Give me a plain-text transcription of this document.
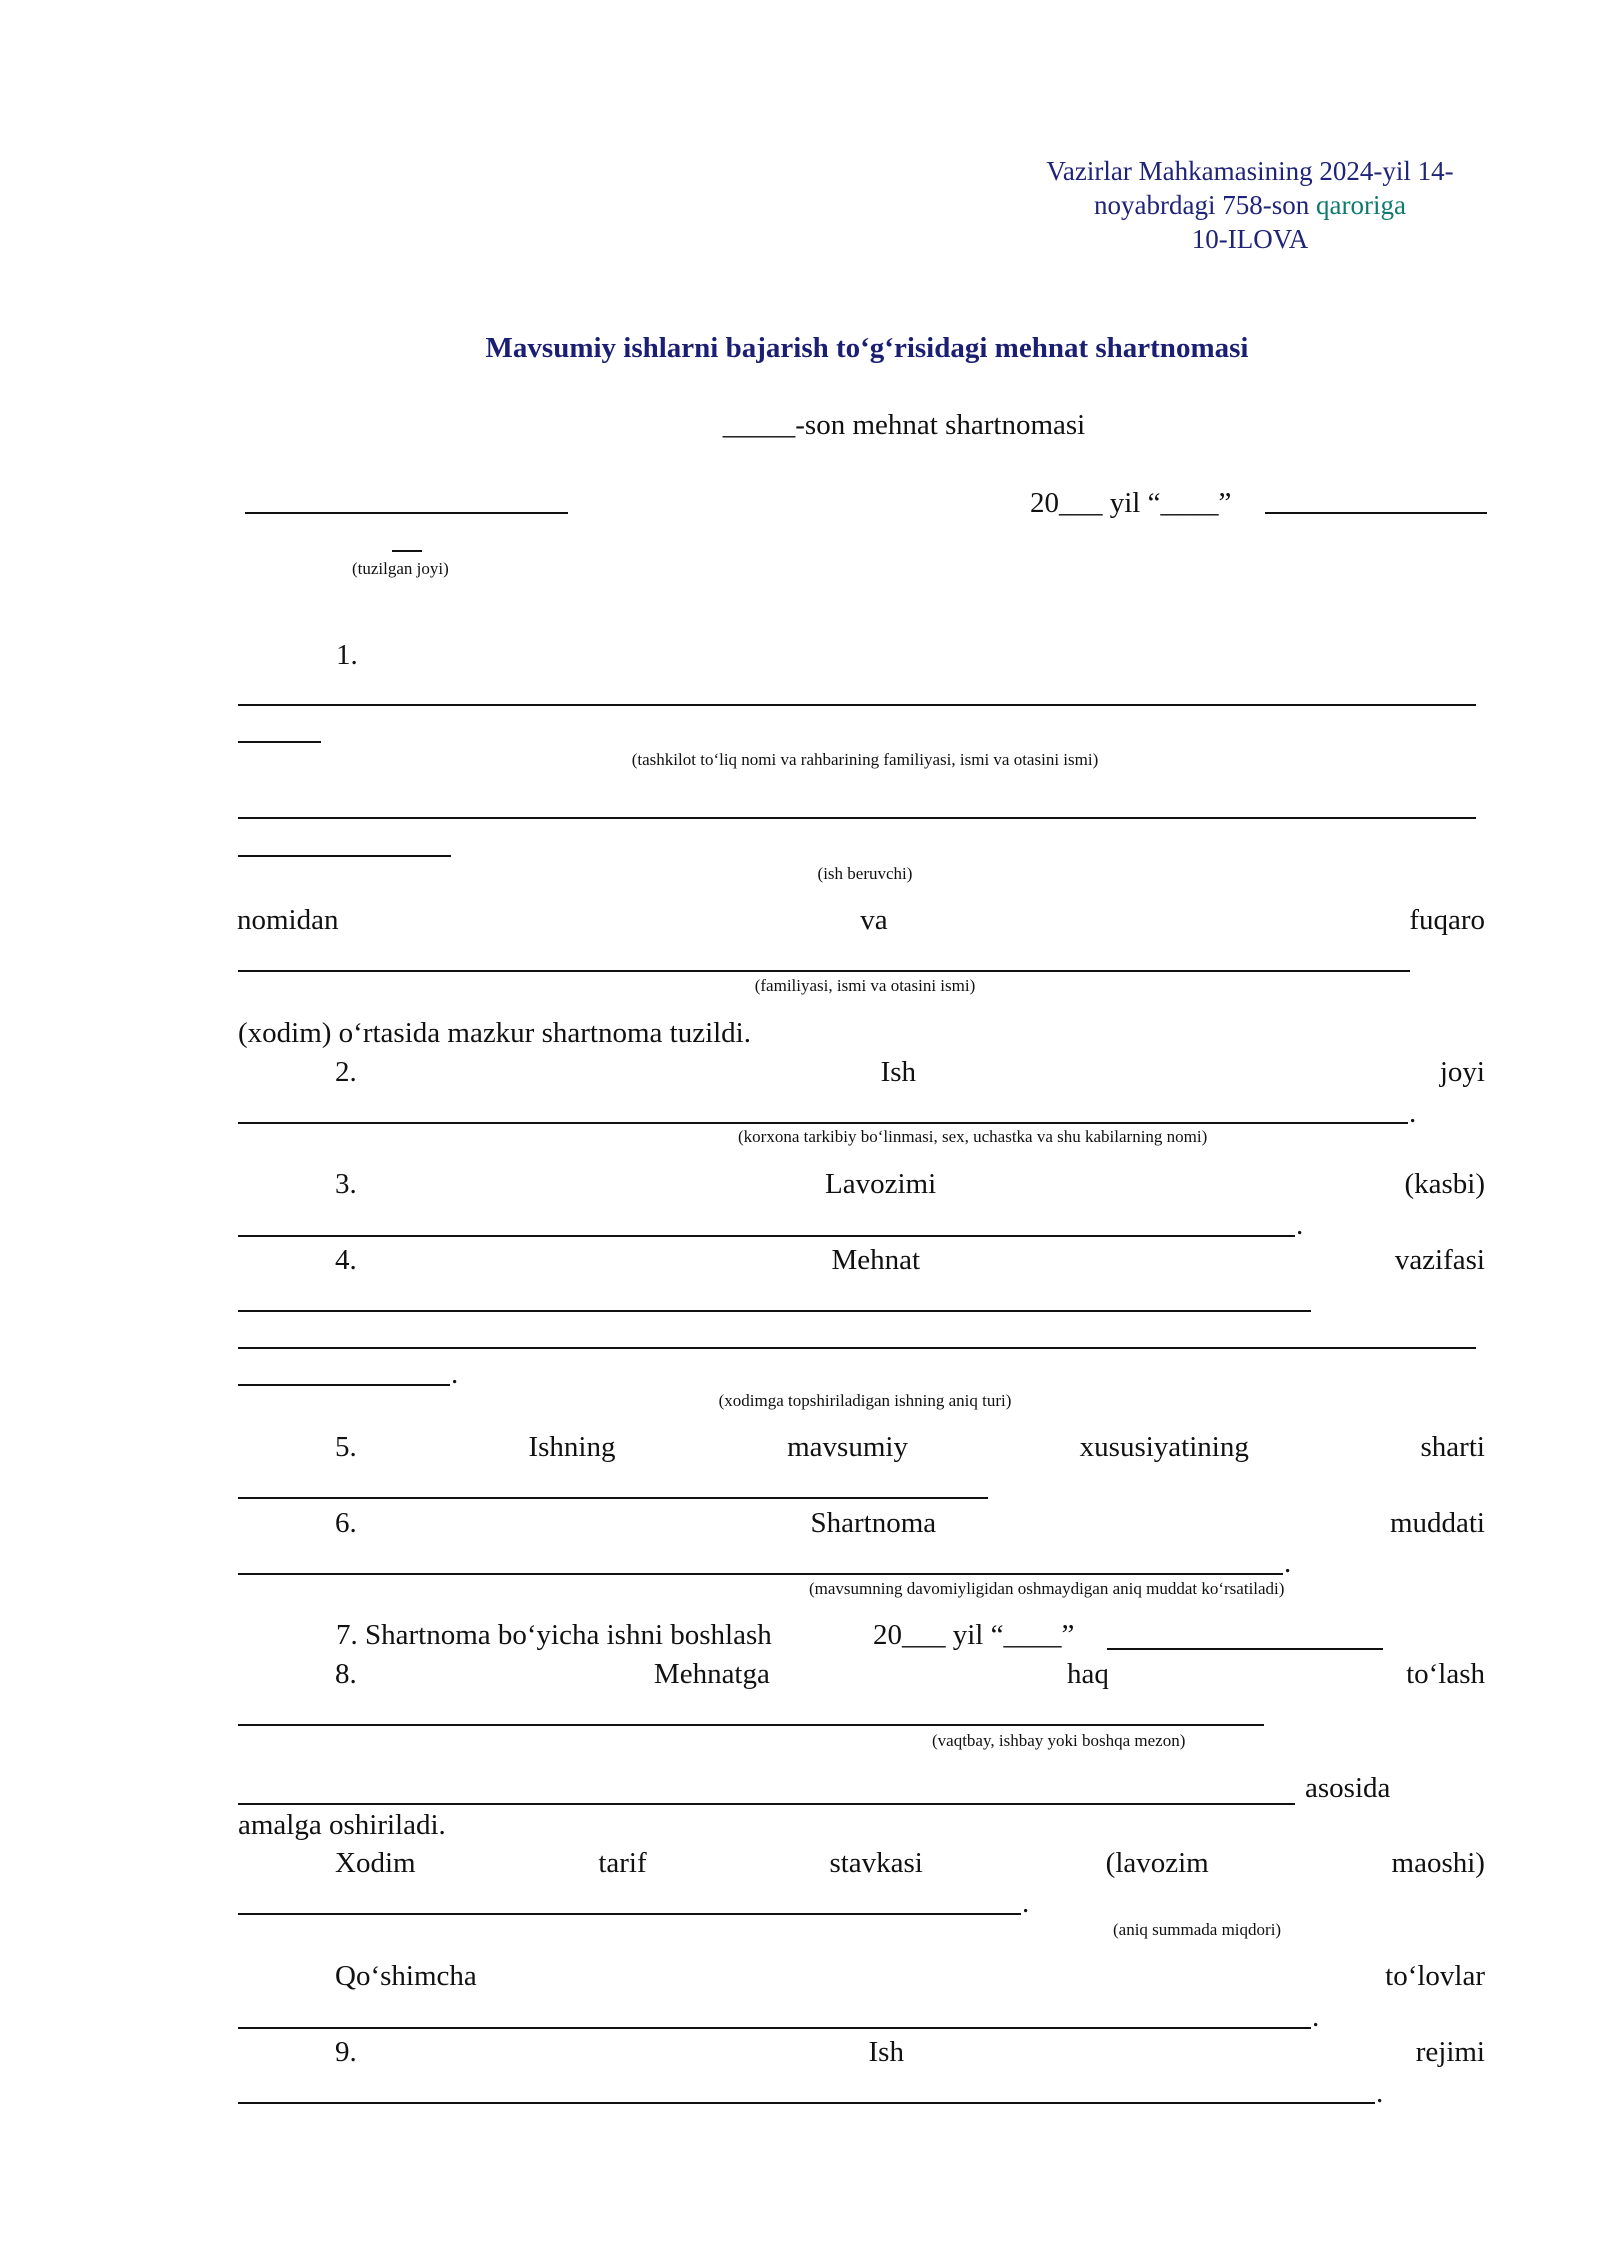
Vazirlar Mahkamasining 2024-yil 14-
noyabrdagi 758-son qaroriga
10-ILOVA
Mavsumiy ishlarni bajarish to‘g‘risidagi mehnat shartnomasi
_____-son mehnat shartnomasi
(tuzilgan joyi)
20___ yil “____”
1.
(tashkilot to‘liq nomi va rahbarining familiyasi, ismi va otasini ismi)
(ish beruvchi)
nomidan	va	fuqaro
(familiyasi, ismi va otasini ismi)
(xodim) o‘rtasida mazkur shartnoma tuzildi.
2.	Ish	joyi
.
(korxona tarkibiy bo‘linmasi, sex, uchastka va shu kabilarning nomi)
3.	Lavozimi	(kasbi)
.
4.	Mehnat	vazifasi
.
(xodimga topshiriladigan ishning aniq turi)
5.	Ishning	mavsumiy	xususiyatining	sharti
6.	Shartnoma	muddati
.
(mavsumning davomiyligidan oshmaydigan aniq muddat ko‘rsatiladi)
7. Shartnoma bo‘yicha ishni boshlash	20___ yil “____”
8.	Mehnatga	haq	to‘lash
(vaqtbay, ishbay yoki boshqa mezon)
asosida
amalga oshiriladi.
Xodim	tarif	stavkasi	(lavozim	maoshi)
.
(aniq summada miqdori)
Qo‘shimcha	to‘lovlar
.
9.	Ish	rejimi
.
